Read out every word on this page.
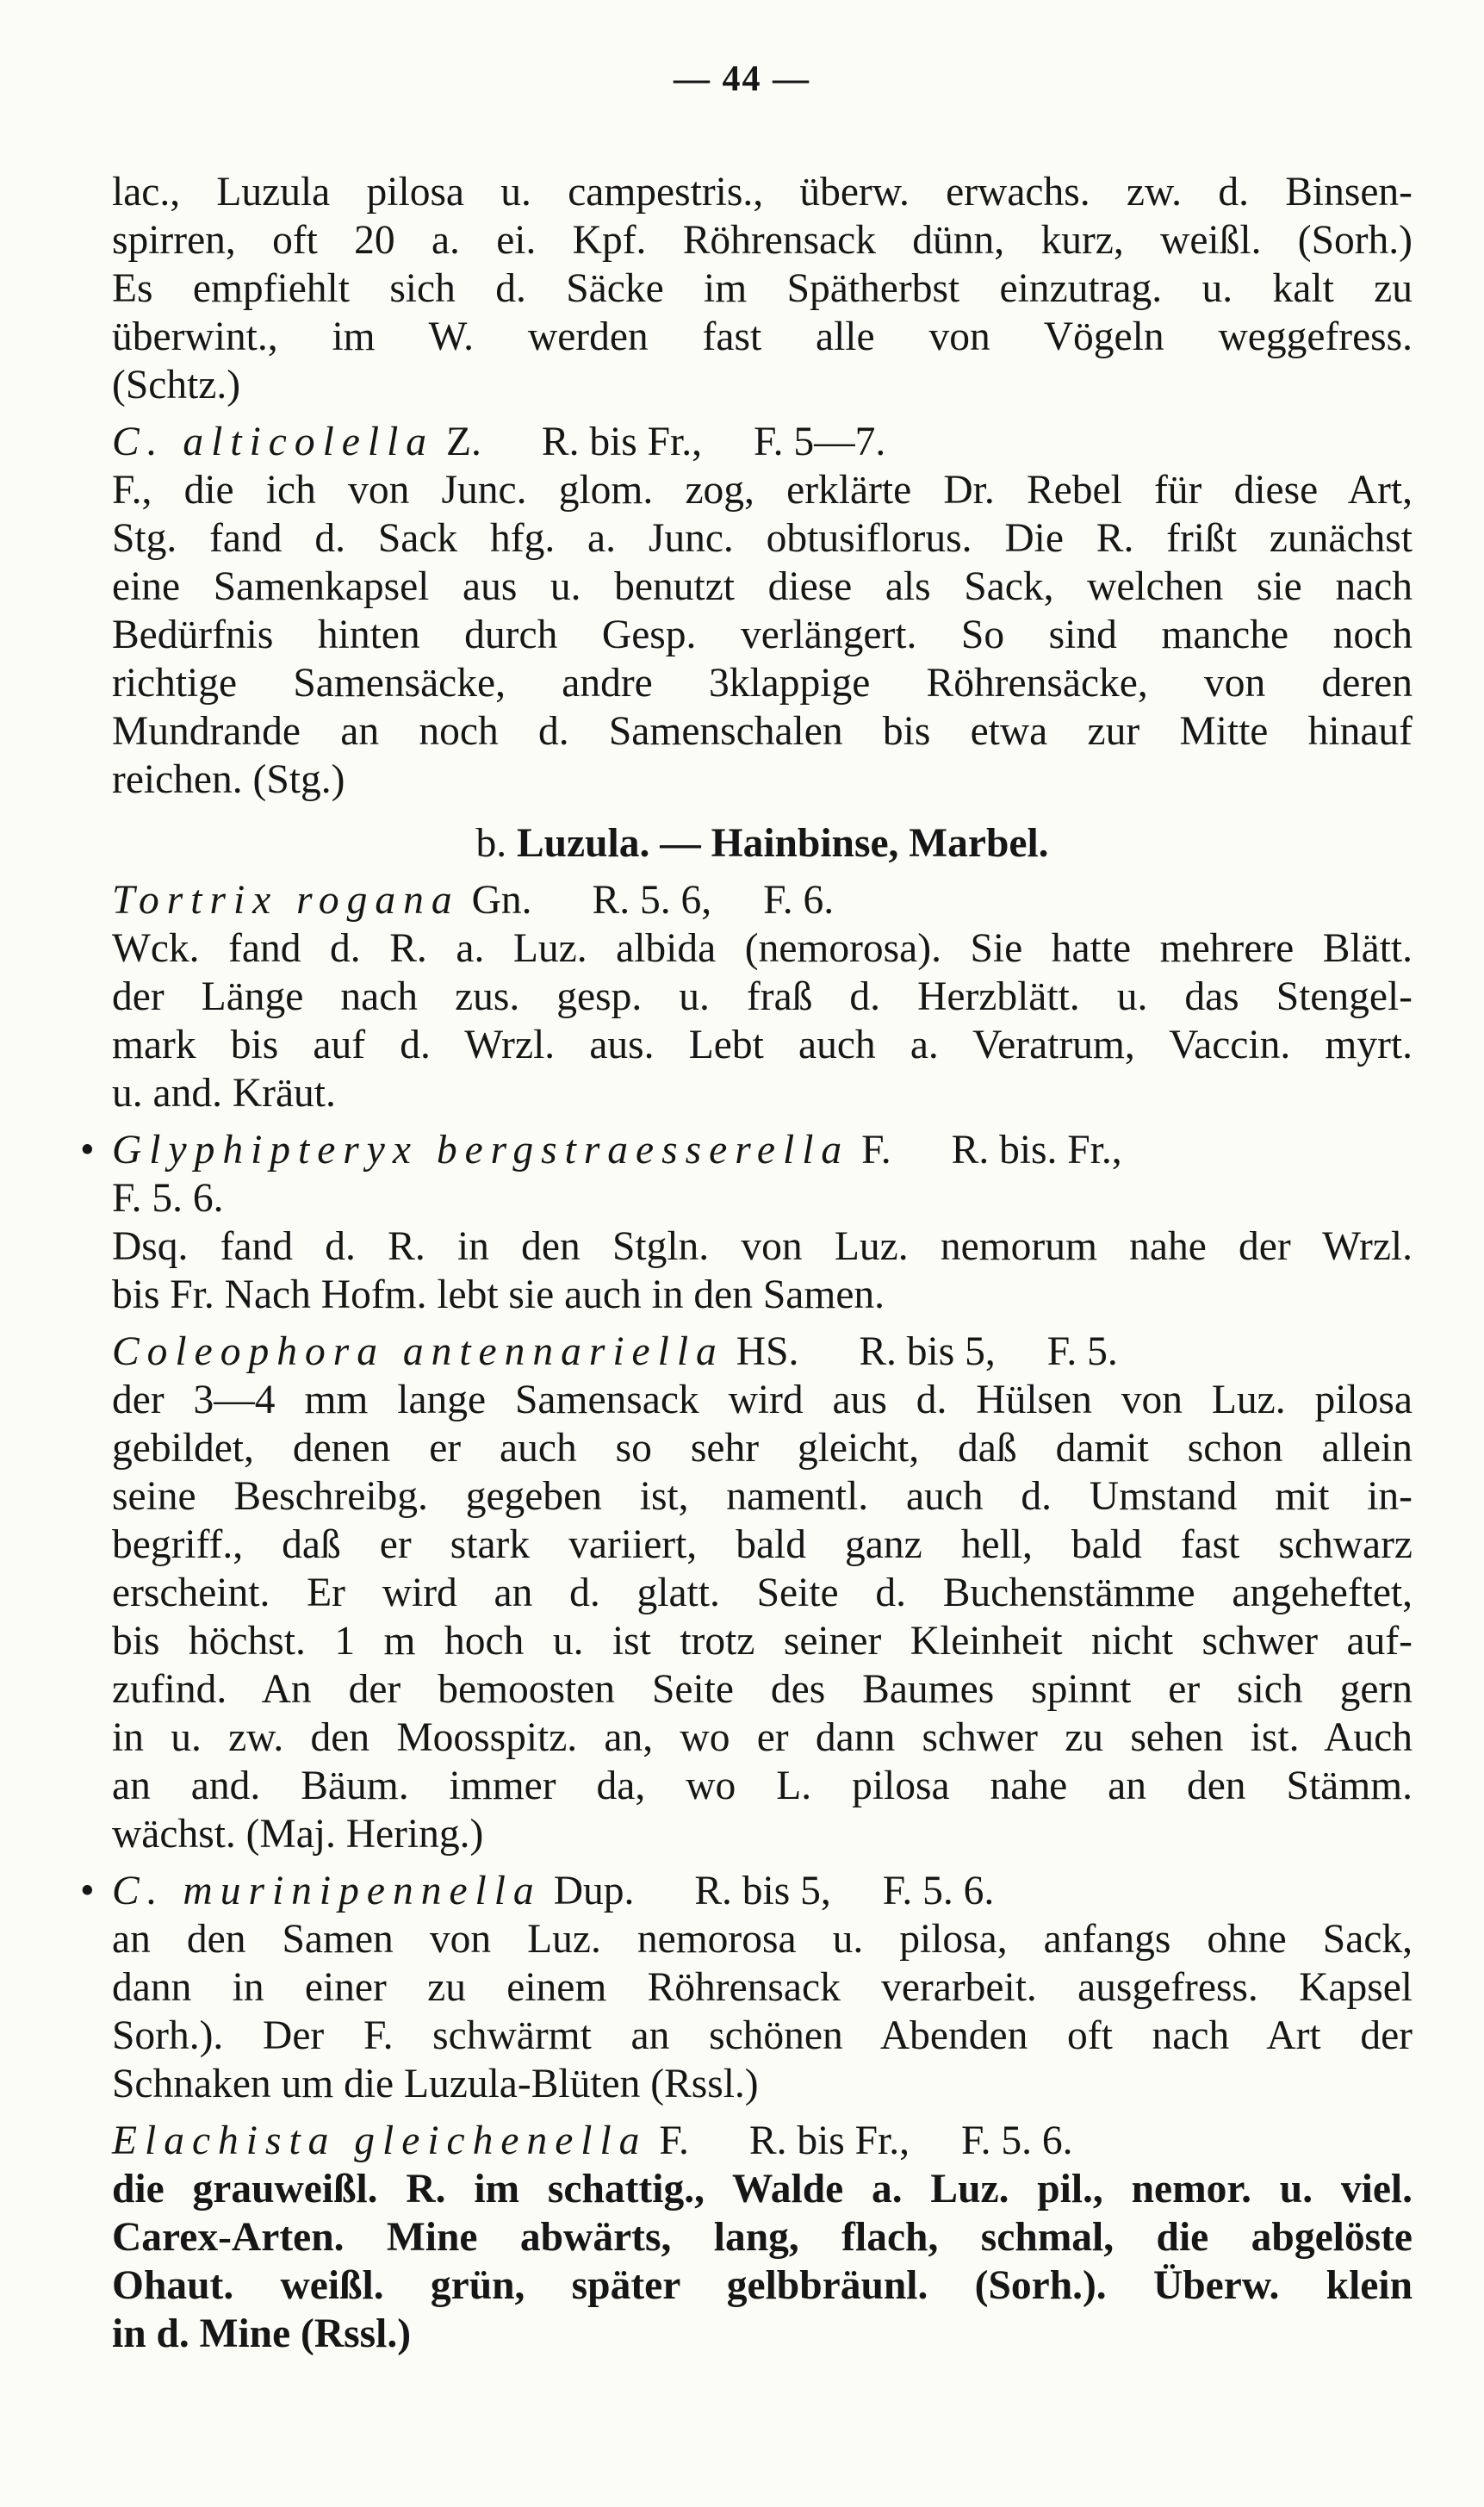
— 44 —
lac., Luzula pilosa u. campestris., überw. erwachs. zw. d. Binsen-
spirren, oft 20 a. ei. Kpf. Röhrensack dünn, kurz, weißl. (Sorh.)
Es empfiehlt sich d. Säcke im Spätherbst einzutrag. u. kalt zu
überwint., im W. werden fast alle von Vögeln weggefress.
(Schtz.)
C. alticolella Z. R. bis Fr., F. 5—7.
F., die ich von Junc. glom. zog, erklärte Dr. Rebel für diese Art,
Stg. fand d. Sack hfg. a. Junc. obtusiflorus. Die R. frißt zunächst
eine Samenkapsel aus u. benutzt diese als Sack, welchen sie nach
Bedürfnis hinten durch Gesp. verlängert. So sind manche noch
richtige Samensäcke, andre 3klappige Röhrensäcke, von deren
Mundrande an noch d. Samenschalen bis etwa zur Mitte hinauf
reichen. (Stg.)
b. Luzula. — Hainbinse, Marbel.
Tortrix rogana Gn. R. 5. 6, F. 6.
Wck. fand d. R. a. Luz. albida (nemorosa). Sie hatte mehrere Blätt.
der Länge nach zus. gesp. u. fraß d. Herzblätt. u. das Stengel-
mark bis auf d. Wrzl. aus. Lebt auch a. Veratrum, Vaccin. myrt.
u. and. Kräut.
• Glyphipteryx bergstraesserella F. R. bis. Fr.,
F. 5. 6.
Dsq. fand d. R. in den Stgln. von Luz. nemorum nahe der Wrzl.
bis Fr. Nach Hofm. lebt sie auch in den Samen.
Coleophora antennariella HS. R. bis 5, F. 5.
der 3—4 mm lange Samensack wird aus d. Hülsen von Luz. pilosa
gebildet, denen er auch so sehr gleicht, daß damit schon allein
seine Beschreibg. gegeben ist, namentl. auch d. Umstand mit in-
begriff., daß er stark variiert, bald ganz hell, bald fast schwarz
erscheint. Er wird an d. glatt. Seite d. Buchenstämme angeheftet,
bis höchst. 1 m hoch u. ist trotz seiner Kleinheit nicht schwer auf-
zufind. An der bemoosten Seite des Baumes spinnt er sich gern
in u. zw. den Moosspitz. an, wo er dann schwer zu sehen ist. Auch
an and. Bäum. immer da, wo L. pilosa nahe an den Stämm.
wächst. (Maj. Hering.)
• C. murinipennella Dup. R. bis 5, F. 5. 6.
an den Samen von Luz. nemorosa u. pilosa, anfangs ohne Sack,
dann in einer zu einem Röhrensack verarbeit. ausgefress. Kapsel
Sorh.). Der F. schwärmt an schönen Abenden oft nach Art der
Schnaken um die Luzula-Blüten (Rssl.)
Elachista gleichenella F. R. bis Fr., F. 5. 6.
die grauweißl. R. im schattig., Walde a. Luz. pil., nemor. u. viel.
Carex-Arten. Mine abwärts, lang, flach, schmal, die abgelöste
Ohaut. weißl. grün, später gelbbräunl. (Sorh.). Überw. klein
in d. Mine (Rssl.)
